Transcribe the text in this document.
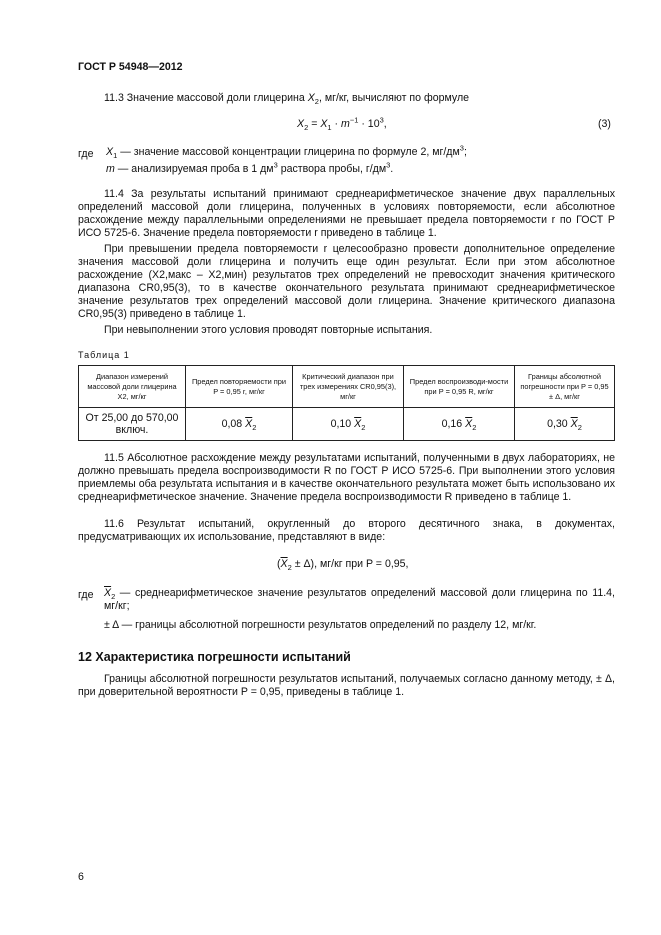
ГОСТ Р 54948—2012
11.3 Значение массовой доли глицерина $X_2$, мг/кг, вычисляют по формуле
$X_2 = X_1 \cdot m^{-1} \cdot 10^3$,	(3)
где $X_1$ — значение массовой концентрации глицерина по формуле 2, $мг/дм^3$;
m — анализируемая проба в 1 $дм^3$ раствора пробы, $г/дм^3$.
11.4 За результаты испытаний принимают среднеарифметическое значение двух параллельных определений массовой доли глицерина, полученных в условиях повторяемости, если абсолютное расхождение между параллельными определениями не превышает предела повторяемости r по ГОСТ Р ИСО 5725-6. Значение предела повторяемости r приведено в таблице 1.
При превышении предела повторяемости r целесообразно провести дополнительное определение значения массовой доли глицерина и получить еще один результат. Если при этом абсолютное расхождение (X2,макс – X2,мин) результатов трех определений не превосходит значения критического диапазона CR0,95(3), то в качестве окончательного результата принимают среднеарифметическое значение результатов трех определений массовой доли глицерина. Значение критического диапазона CR0,95(3) приведено в таблице 1.
При невыполнении этого условия проводят повторные испытания.
Таблица 1
Диапазон измерений массовой доли глицерина X2, мг/кг	Предел повторяемости при P = 0,95 r, мг/кг	Критический диапазон при трех измерениях CR0,95(3), мг/кг	Предел воспроизводи-мости при P = 0,95 R, мг/кг	Границы абсолютной погрешности при P = 0,95 ± Δ, мг/кг
От 25,00 до 570,00 включ.	0,08 $\overline{X}_2$	0,10 $\overline{X}_2$	0,16 $\overline{X}_2$	0,30 $\overline{X}_2$
11.5 Абсолютное расхождение между результатами испытаний, полученными в двух лабораториях, не должно превышать предела воспроизводимости R по ГОСТ Р ИСО 5725-6. При выполнении этого условия приемлемы оба результата испытания и в качестве окончательного результата может быть использовано их среднеарифметическое значение. Значение предела воспроизводимости R приведено в таблице 1.
11.6 Результат испытаний, округленный до второго десятичного знака, в документах, предусматривающих их использование, представляют в виде:
$(\overline{X}_2 \pm \Delta)$, мг/кг при P = 0,95,
где $\overline{X}_2$ — среднеарифметическое значение результатов определений массовой доли глицерина по 11.4, мг/кг;
± Δ — границы абсолютной погрешности результатов определений по разделу 12, мг/кг.
12 Характеристика погрешности испытаний
Границы абсолютной погрешности результатов испытаний, получаемых согласно данному методу, ± Δ, при доверительной вероятности P = 0,95, приведены в таблице 1.
6
